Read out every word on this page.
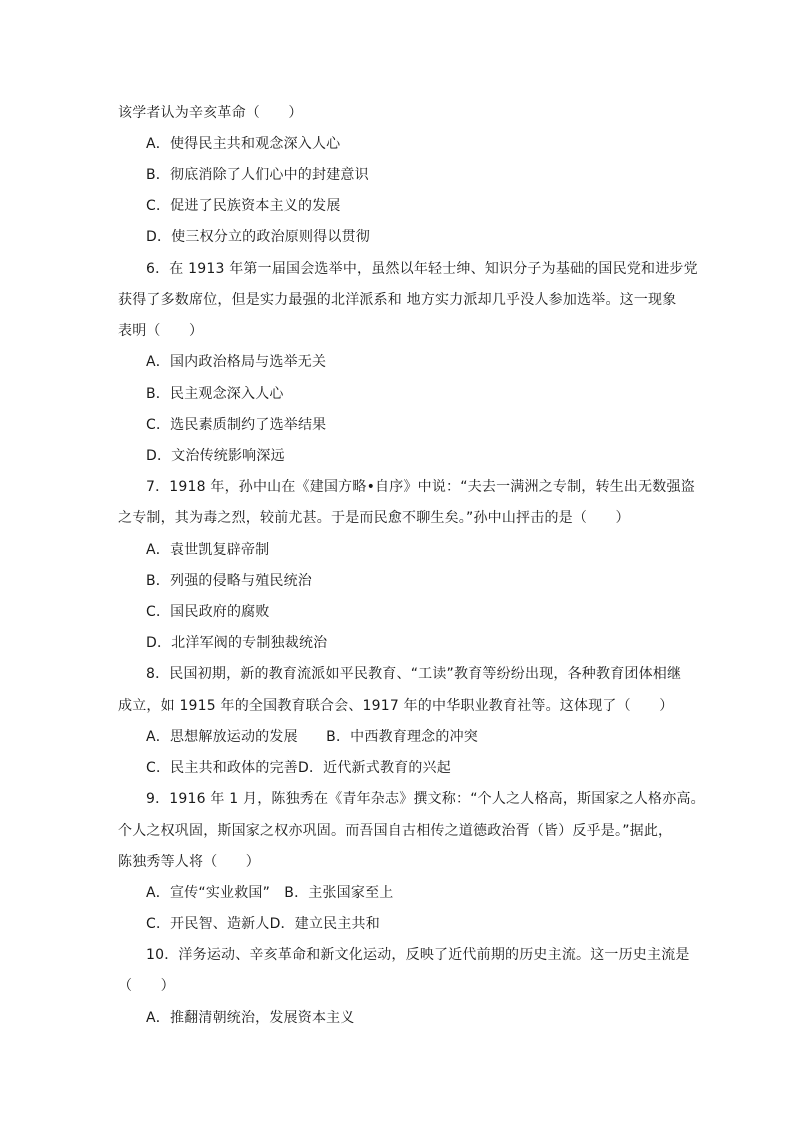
该学者认为辛亥革命（　　）
A．使得民主共和观念深入人心
B．彻底消除了人们心中的封建意识
C．促进了民族资本主义的发展
D．使三权分立的政治原则得以贯彻
6．在 1913 年第一届国会选举中，虽然以年轻士绅、知识分子为基础的国民党和进步党
获得了多数席位，但是实力最强的北洋派系和 地方实力派却几乎没人参加选举。这一现象
表明（　　）
A．国内政治格局与选举无关
B．民主观念深入人心
C．选民素质制约了选举结果
D．文治传统影响深远
7．1918 年，孙中山在《建国方略•自序》中说：“夫去一满洲之专制，转生出无数强盗
之专制，其为毒之烈，较前尤甚。于是而民愈不聊生矣。”孙中山抨击的是（　　）
A．袁世凯复辟帝制
B．列强的侵略与殖民统治
C．国民政府的腐败
D．北洋军阀的专制独裁统治
8．民国初期，新的教育流派如平民教育、“工读”教育等纷纷出现，各种教育团体相继
成立，如 1915 年的全国教育联合会、1917 年的中华职业教育社等。这体现了（　　）
A．思想解放运动的发展　　B．中西教育理念的冲突
C．民主共和政体的完善D．近代新式教育的兴起
9．1916 年 1 月，陈独秀在《青年杂志》撰文称：“个人之人格高，斯国家之人格亦高。
个人之权巩固，斯国家之权亦巩固。而吾国自古相传之道德政治胥（皆）反乎是。”据此，
陈独秀等人将（　　）
A．宣传“实业救国”　B．主张国家至上
C．开民智、造新人D．建立民主共和
10．洋务运动、辛亥革命和新文化运动，反映了近代前期的历史主流。这一历史主流是
（　　）
A．推翻清朝统治，发展资本主义
